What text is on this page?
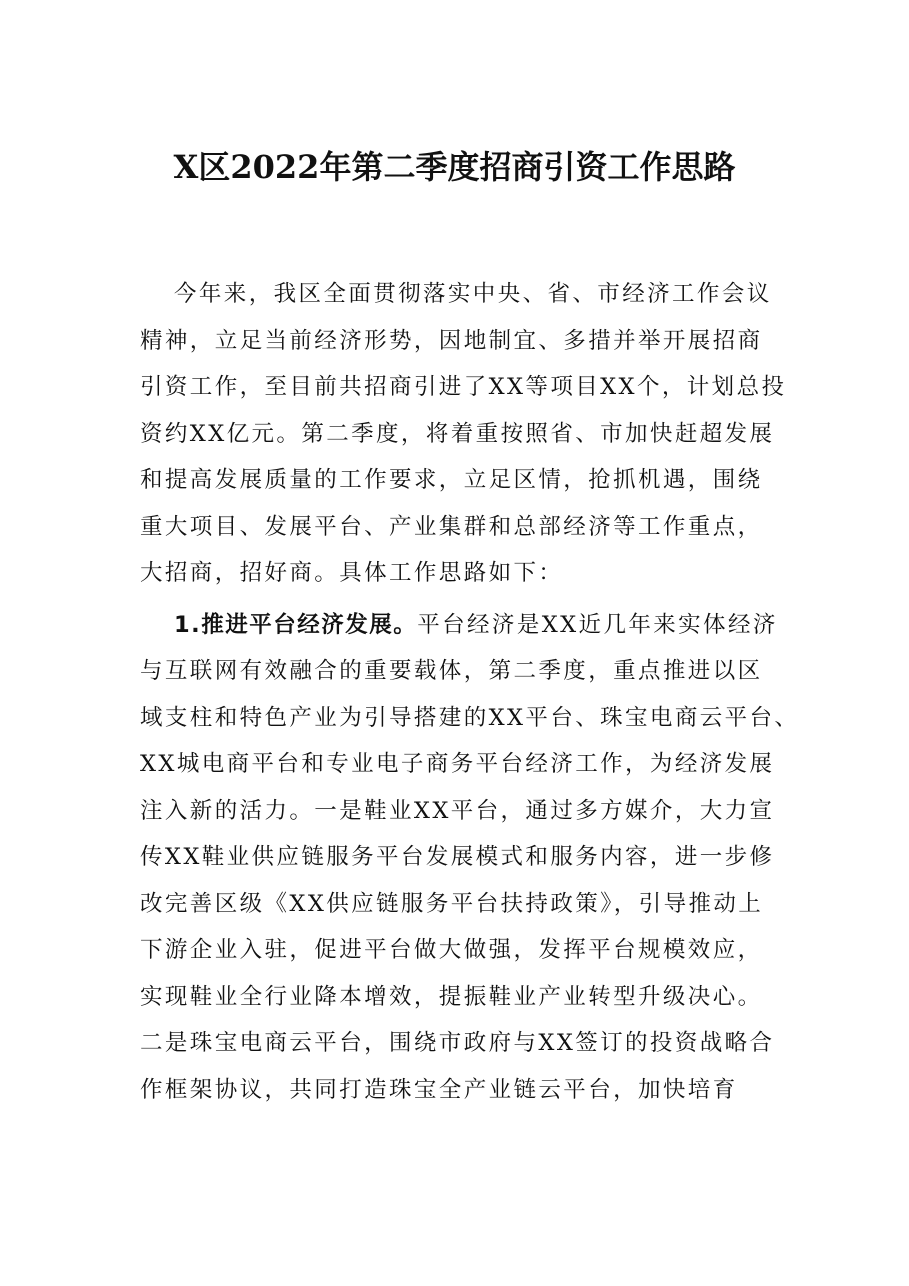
X区2022年第二季度招商引资工作思路
今年来，我区全面贯彻落实中央、省、市经济工作会议
精神，立足当前经济形势，因地制宜、多措并举开展招商
引资工作，至目前共招商引进了XX等项目XX个，计划总投
资约XX亿元。第二季度，将着重按照省、市加快赶超发展
和提高发展质量的工作要求，立足区情，抢抓机遇，围绕
重大项目、发展平台、产业集群和总部经济等工作重点，
大招商，招好商。具体工作思路如下：
1.推进平台经济发展。平台经济是XX近几年来实体经济
与互联网有效融合的重要载体，第二季度，重点推进以区
域支柱和特色产业为引导搭建的XX平台、珠宝电商云平台、
XX城电商平台和专业电子商务平台经济工作，为经济发展
注入新的活力。一是鞋业XX平台，通过多方媒介，大力宣
传XX鞋业供应链服务平台发展模式和服务内容，进一步修
改完善区级《XX供应链服务平台扶持政策》，引导推动上
下游企业入驻，促进平台做大做强，发挥平台规模效应，
实现鞋业全行业降本增效，提振鞋业产业转型升级决心。
二是珠宝电商云平台，围绕市政府与XX签订的投资战略合
作框架协议，共同打造珠宝全产业链云平台，加快培育
